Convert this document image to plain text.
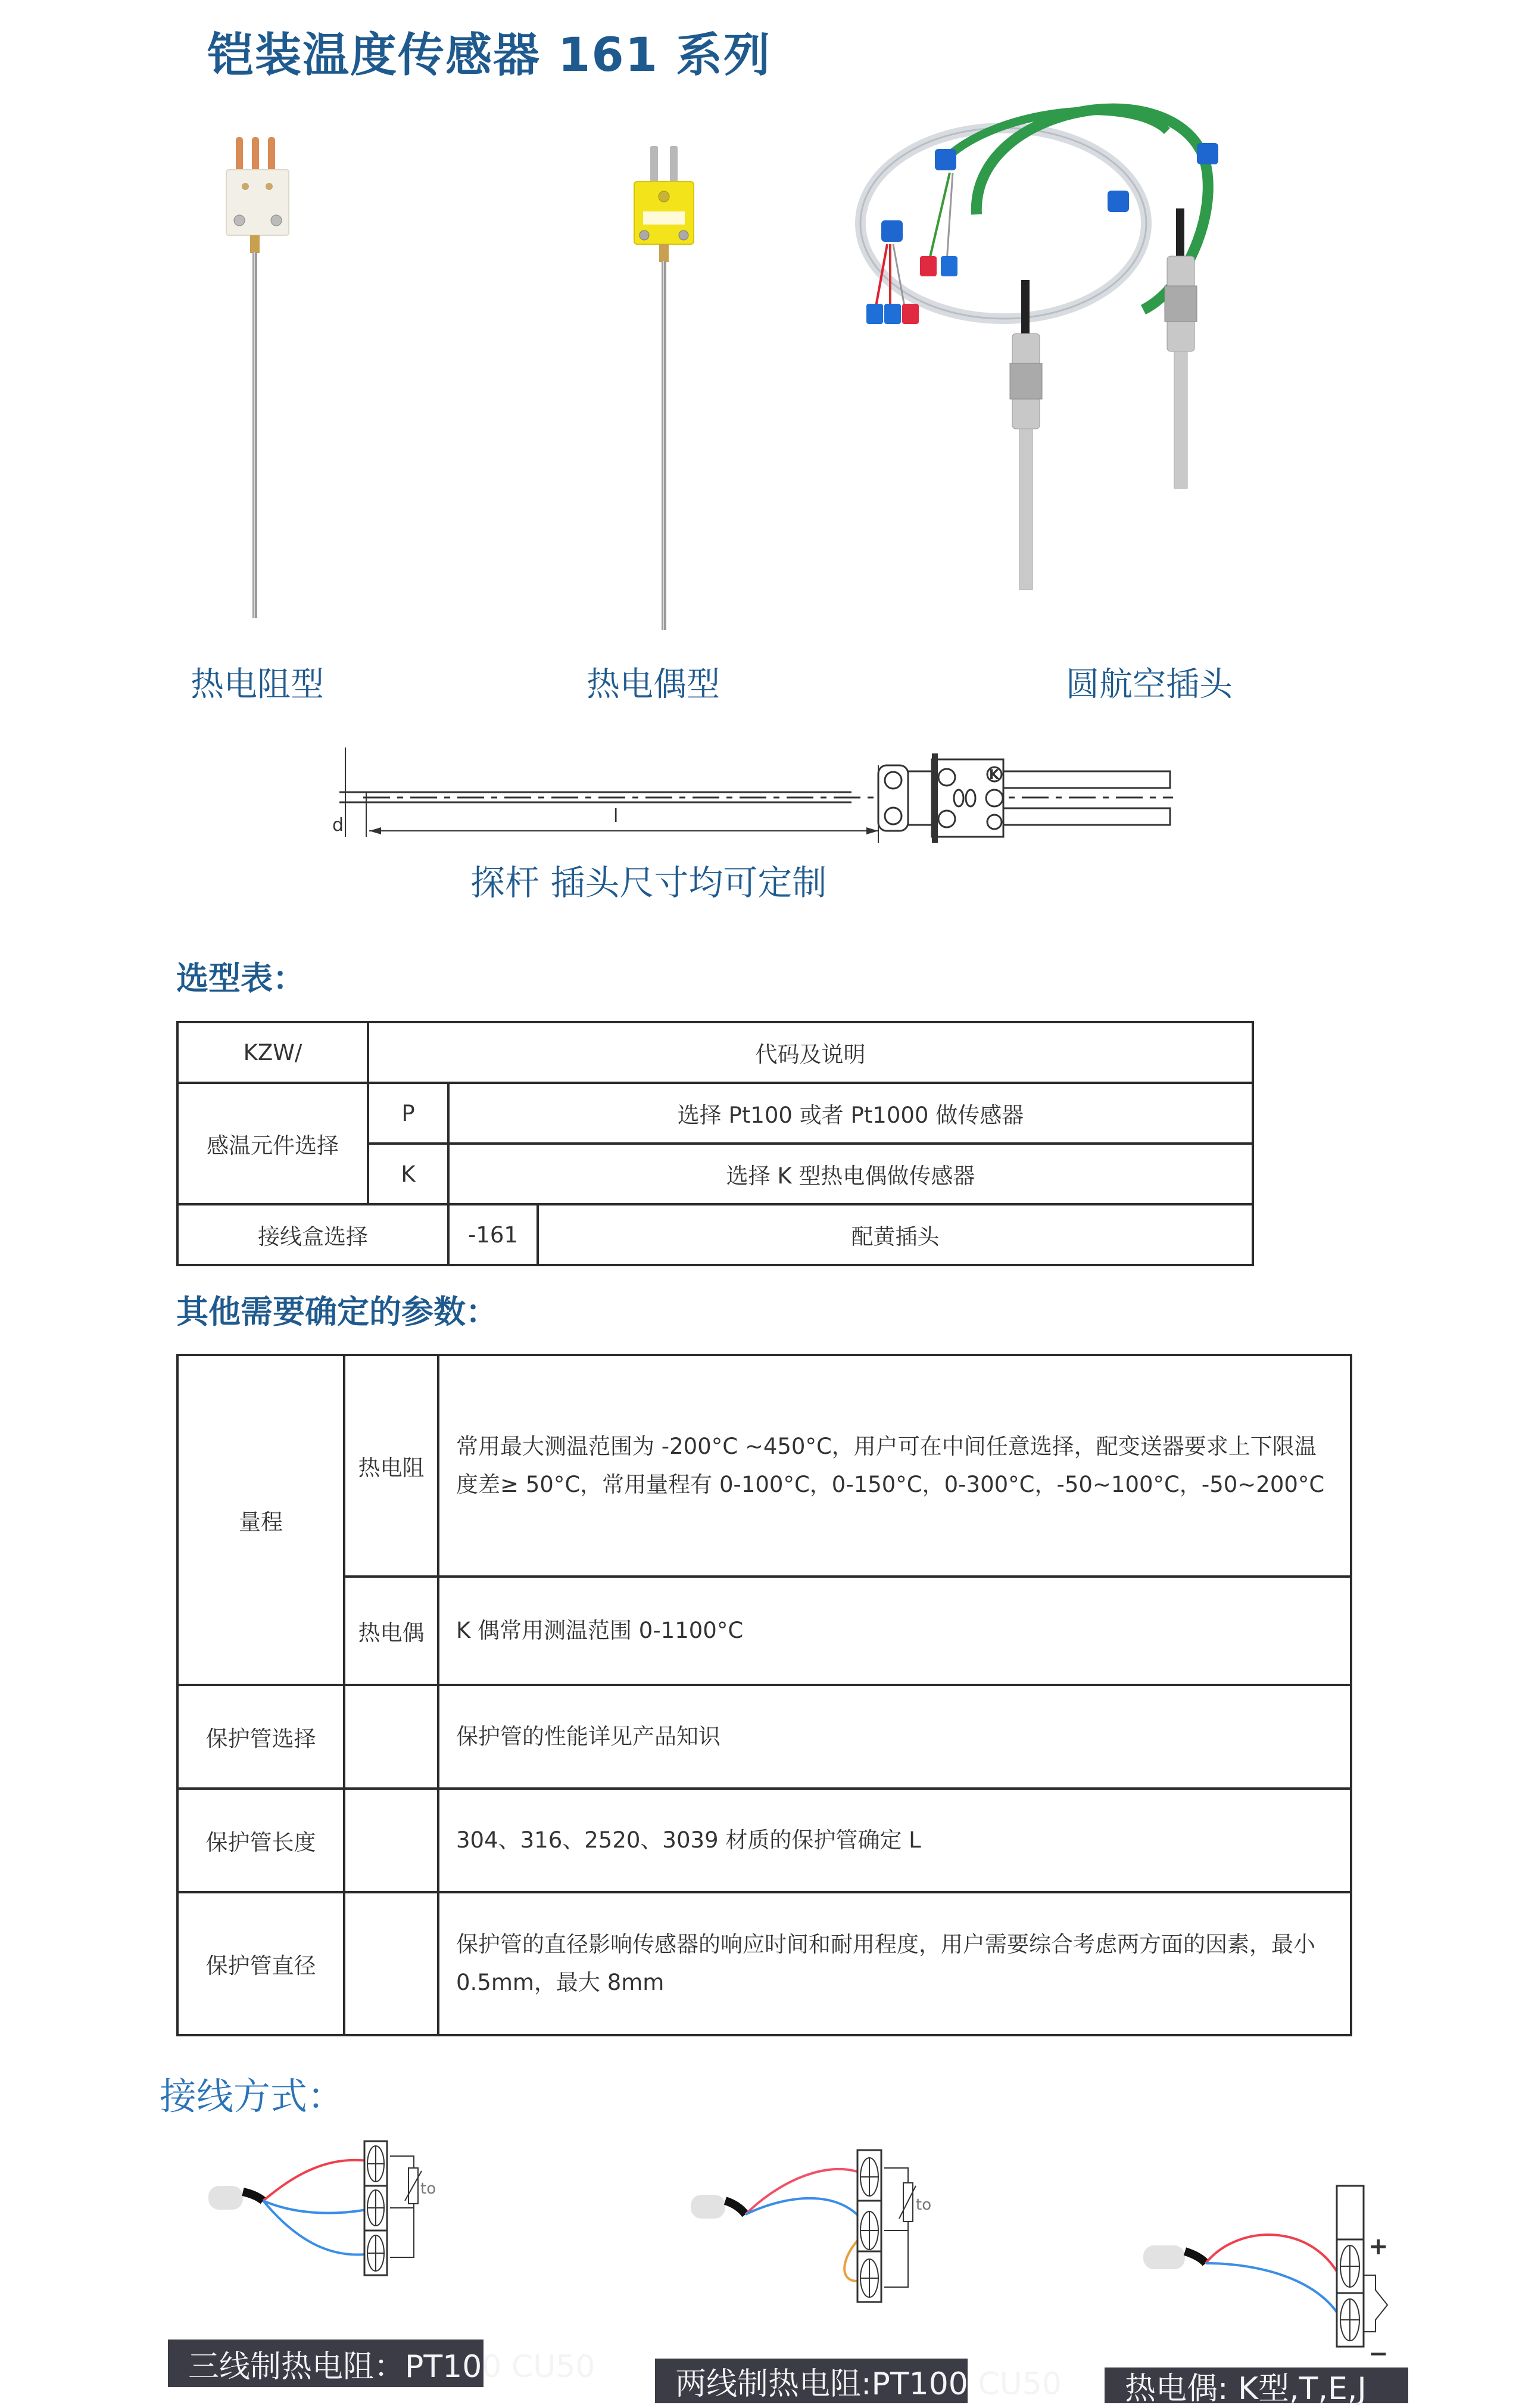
铠装温度传感器 161 系列
热电阻型	热电偶型	圆航空插头
d	l
K
探杆 插头尺寸均可定制
选型表：
KZW/	代码及说明		
感温元件选择	P	选择 Pt100 或者 Pt1000 做传感器	
	K	选择 K 型热电偶做传感器	
接线盒选择		-161	配黄插头
其他需要确定的参数：
量程	热电阻	常用最大测温范围为 -200°C ~450°C，用户可在中间任意选择，配变送器要求上下限温度差≥ 50°C，常用量程有 0-100°C，0-150°C，0-300°C，-50~100°C，-50~200°C
	热电偶	K 偶常用测温范围 0-1100°C
保护管选择		保护管的性能详见产品知识
保护管长度		304、316、2520、3039 材质的保护管确定 L
保护管直径		保护管的直径影响传感器的响应时间和耐用程度，用户需要综合考虑两方面的因素，最小 0.5mm，最大 8mm
接线方式：
to
三线制热电阻：PT100 CU50
to
两线制热电阻:PT100 CU50
+
−
热电偶: K型,T,E,J
